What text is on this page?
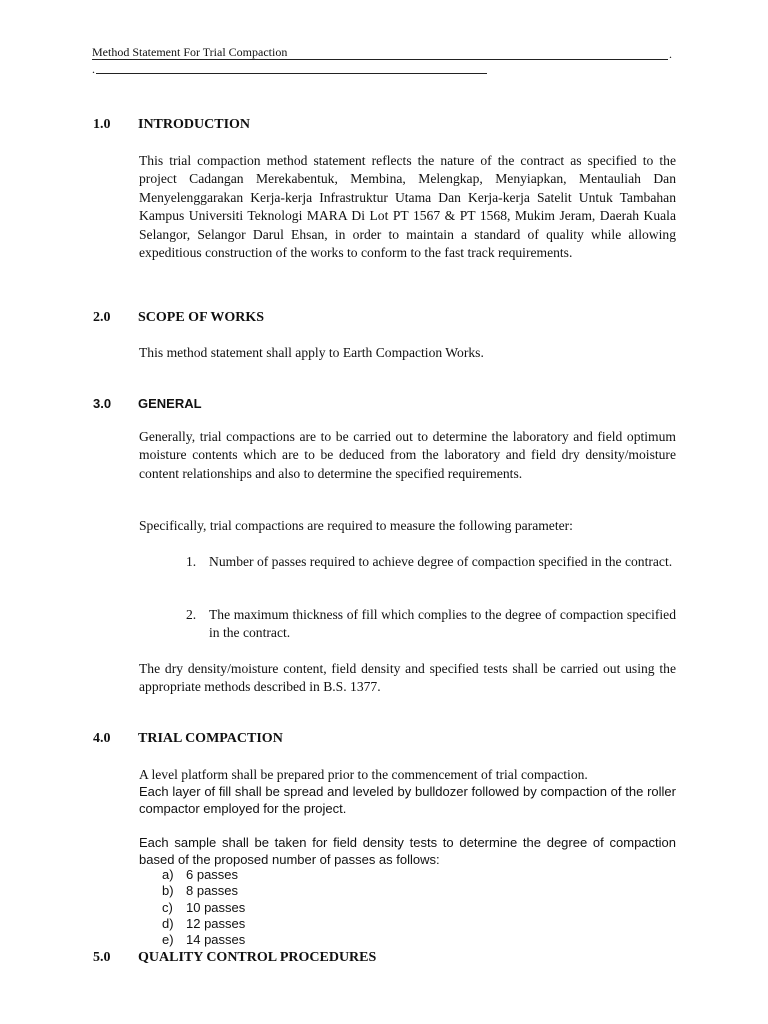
Method Statement For Trial Compaction	.
.
1.0 INTRODUCTION
This trial compaction method statement reflects the nature of the contract as specified to the project Cadangan Merekabentuk, Membina, Melengkap, Menyiapkan, Mentauliah Dan Menyelenggarakan Kerja-kerja Infrastruktur Utama Dan Kerja-kerja Satelit Untuk Tambahan Kampus Universiti Teknologi MARA Di Lot PT 1567 & PT 1568, Mukim Jeram, Daerah Kuala Selangor, Selangor Darul Ehsan, in order to maintain a standard of quality while allowing expeditious construction of the works to conform to the fast track requirements.
2.0 SCOPE OF WORKS
This method statement shall apply to Earth Compaction Works.
3.0 GENERAL
Generally, trial compactions are to be carried out to determine the laboratory and field optimum moisture contents which are to be deduced from the laboratory and field dry density/moisture content relationships and also to determine the specified requirements.
Specifically, trial compactions are required to measure the following parameter:
1. Number of passes required to achieve degree of compaction specified in the contract.
2. The maximum thickness of fill which complies to the degree of compaction specified in the contract.
The dry density/moisture content, field density and specified tests shall be carried out using the appropriate methods described in B.S. 1377.
4.0 TRIAL COMPACTION
A level platform shall be prepared prior to the commencement of trial compaction.
Each layer of fill shall be spread and leveled by bulldozer followed by compaction of the roller compactor employed for the project.
Each sample shall be taken for field density tests to determine the degree of compaction based of the proposed number of passes as follows:
a) 6 passes
b) 8 passes
c) 10 passes
d) 12 passes
e) 14 passes
5.0 QUALITY CONTROL PROCEDURES
